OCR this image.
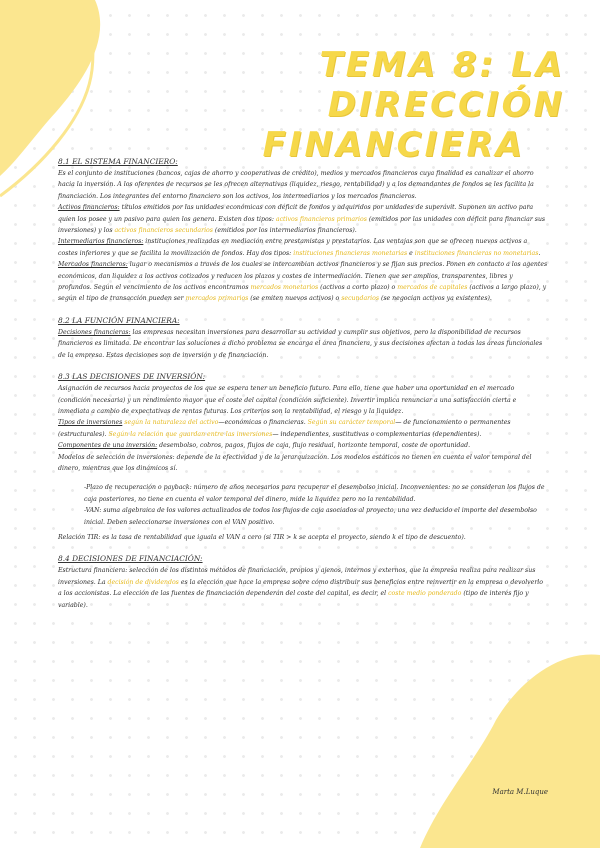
TEMA 8: LA DIRECCIÓN
FINANCIERA
8.1 EL SISTEMA FINANCIERO:

Es el conjunto de instituciones (bancos, cajas de ahorro y cooperativas de crédito), medios y mercados financieros cuya finalidad es canalizar el ahorro hacia la inversión. A los oferentes de recursos se les ofrecen alternativas (liquidez, riesgo, rentabilidad) y a los demandantes de fondos se les facilita la financiación. Los integrantes del entorno financiero son los activos, los intermediarios y los mercados financieros.

Activos financieros: títulos emitidos por las unidades económicas con déficit de fondos y adquiridos por unidades de superávit. Suponen un activo para quien los posee y un pasivo para quien los genera. Existen dos tipos: activos financieros primarios (emitidos por las unidades con déficit para financiar sus inversiones) y los activos financieros secundarios (emitidos por los intermediarios financieros).

Intermediarios financieros: instituciones realizadas en mediación entre prestamistas y prestatarios. Las ventajas son que se ofrecen nuevos activos a costes inferiores y que se facilita la movilización de fondos. Hay dos tipos: instituciones financieras monetarias e instituciones financieras no monetarias.

Mercados financieros: lugar o mecanismos a través de los cuales se intercambian activos financieros y se fijan sus precios. Ponen en contacto a los agentes económicos, dan liquidez a los activos cotizados y reducen los plazos y costes de intermediación. Tienen que ser amplios, transparentes, libres y profundos. Según el vencimiento de los activos encontramos mercados monetarios (activos a corto plazo) o mercados de capitales (activos a largo plazo), y según el tipo de transacción pueden ser mercados primarios (se emiten nuevos activos) o secundarios (se negocian activos ya existentes).

8.2 LA FUNCIÓN FINANCIERA:

Decisiones financieras: las empresas necesitan inversiones para desarrollar su actividad y cumplir sus objetivos, pero la disponibilidad de recursos financieros es limitada. De encontrar las soluciones a dicho problema se encarga el área financiera, y sus decisiones afectan a todas las áreas funcionales de la empresa. Estas decisiones son de inversión y de financiación.

8.3 LAS DECISIONES DE INVERSIÓN:

Asignación de recursos hacia proyectos de los que se espera tener un beneficio futuro. Para ello, tiene que haber una oportunidad en el mercado (condición necesaria) y un rendimiento mayor que el coste del capital (condición suficiente). Invertir implica renunciar a una satisfacción cierta e inmediata a cambio de expectativas de rentas futuras. Los criterios son la rentabilidad, el riesgo y la liquidez.

Tipos de inversiones según la naturaleza del activo—económicas o financieras. Según su carácter temporal— de funcionamiento o permanentes (estructurales). Según la relación que guardan entre las inversiones— independientes, sustitutivas o complementarias (dependientes).

Componentes de una inversión: desembolso, cobros, pagos, flujos de caja, flujo residual, horizonte temporal, coste de oportunidad.

Modelos de selección de inversiones: depende de la efectividad y de la jerarquización. Los modelos estáticos no tienen en cuenta el valor temporal del dinero, mientras que los dinámicos sí.

-Plazo de recuperación o payback: número de años necesarios para recuperar el desembolso inicial. Inconvenientes: no se consideran los flujos de caja posteriores, no tiene en cuenta el valor temporal del dinero, mide la liquidez pero no la rentabilidad.

-VAN: suma algebraica de los valores actualizados de todos los flujos de caja asociados al proyecto, una vez deducido el importe del desembolso inicial. Deben seleccionarse inversiones con el VAN positivo.

Relación TIR: es la tasa de rentabilidad que iguala el VAN a cero (si TIR > k se acepta el proyecto, siendo k el tipo de descuento).

8.4 DECISIONES DE FINANCIACIÓN:

Estructura financiera: selección de los distintos métodos de financiación, propios y ajenos, internos y externos, que la empresa realiza para realizar sus inversiones. La decisión de dividendos es la elección que hace la empresa sobre cómo distribuir sus beneficios entre reinvertir en la empresa o devolverlo a los accionistas. La elección de las fuentes de financiación dependerán del coste del capital, es decir, el coste medio ponderado (tipo de interés fijo y variable).

Marta M.Luque
